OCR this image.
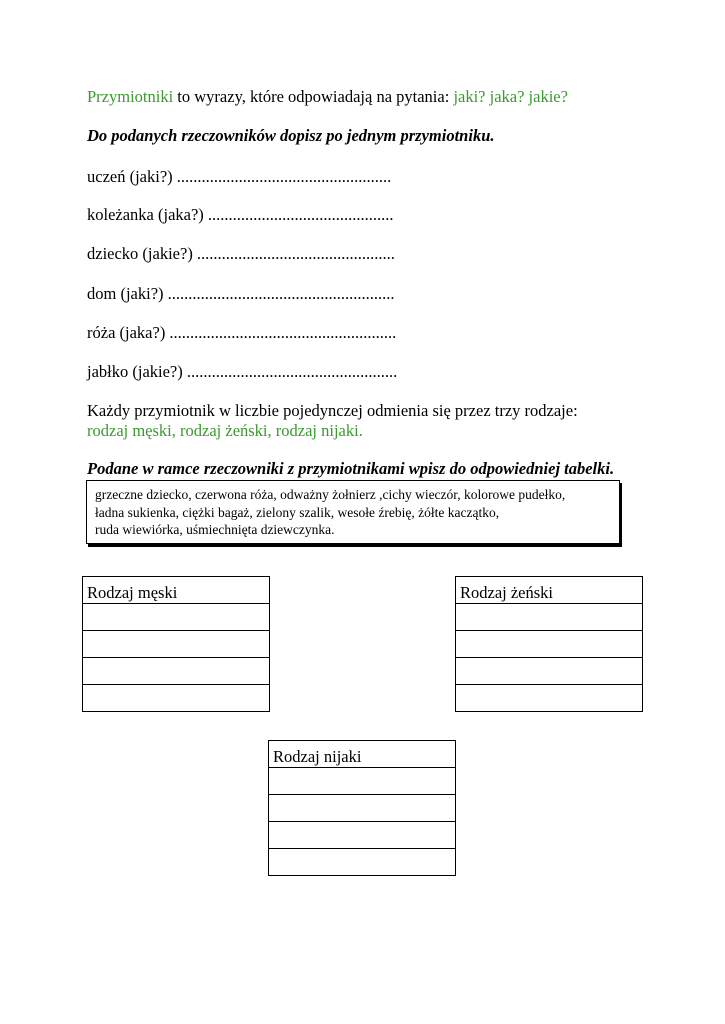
Przymiotniki to wyrazy, które odpowiadają na pytania: jaki? jaka? jakie?
Do podanych rzeczowników dopisz po jednym przymiotniku.
uczeń (jaki?) ....................................................
koleżanka (jaka?) .............................................
dziecko (jakie?) ................................................
dom (jaki?) .......................................................
róża (jaka?) .......................................................
jabłko (jakie?) ...................................................
Każdy przymiotnik w liczbie pojedynczej odmienia się przez trzy rodzaje:
rodzaj męski, rodzaj żeński, rodzaj nijaki.
Podane w ramce rzeczowniki z przymiotnikami wpisz do odpowiedniej tabelki.
grzeczne dziecko, czerwona róża, odważny żołnierz ,cichy wieczór, kolorowe pudełko,
ładna sukienka, ciężki bagaż, zielony szalik, wesołe źrebię, żółte kaczątko,
ruda wiewiórka, uśmiechnięta dziewczynka.
Rodzaj męski	Rodzaj żeński

Rodzaj nijaki
